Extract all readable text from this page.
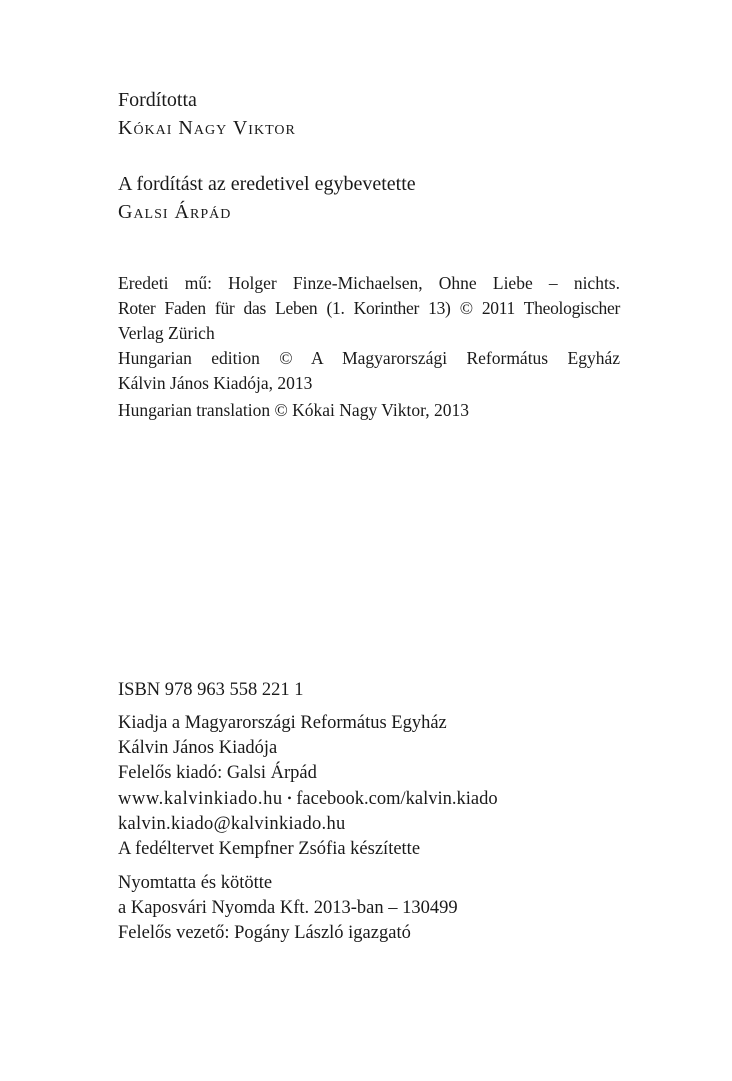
Fordította
Kókai Nagy Viktor
A fordítást az eredetivel egybevetette
Galsi Árpád
Eredeti mű: Holger Finze-Michaelsen, Ohne Liebe – nichts.
Roter Faden für das Leben (1. Korinther 13) © 2011 Theologischer
Verlag Zürich
Hungarian edition © A Magyarországi Református Egyház
Kálvin János Kiadója, 2013
Hungarian translation © Kókai Nagy Viktor, 2013
ISBN 978 963 558 221 1
Kiadja a Magyarországi Református Egyház
Kálvin János Kiadója
Felelős kiadó: Galsi Árpád
www.kalvinkiado.hu • facebook.com/kalvin.kiado
kalvin.kiado@kalvinkiado.hu
A fedéltervet Kempfner Zsófia készítette
Nyomtatta és kötötte
a Kaposvári Nyomda Kft. 2013-ban – 130499
Felelős vezető: Pogány László igazgató
